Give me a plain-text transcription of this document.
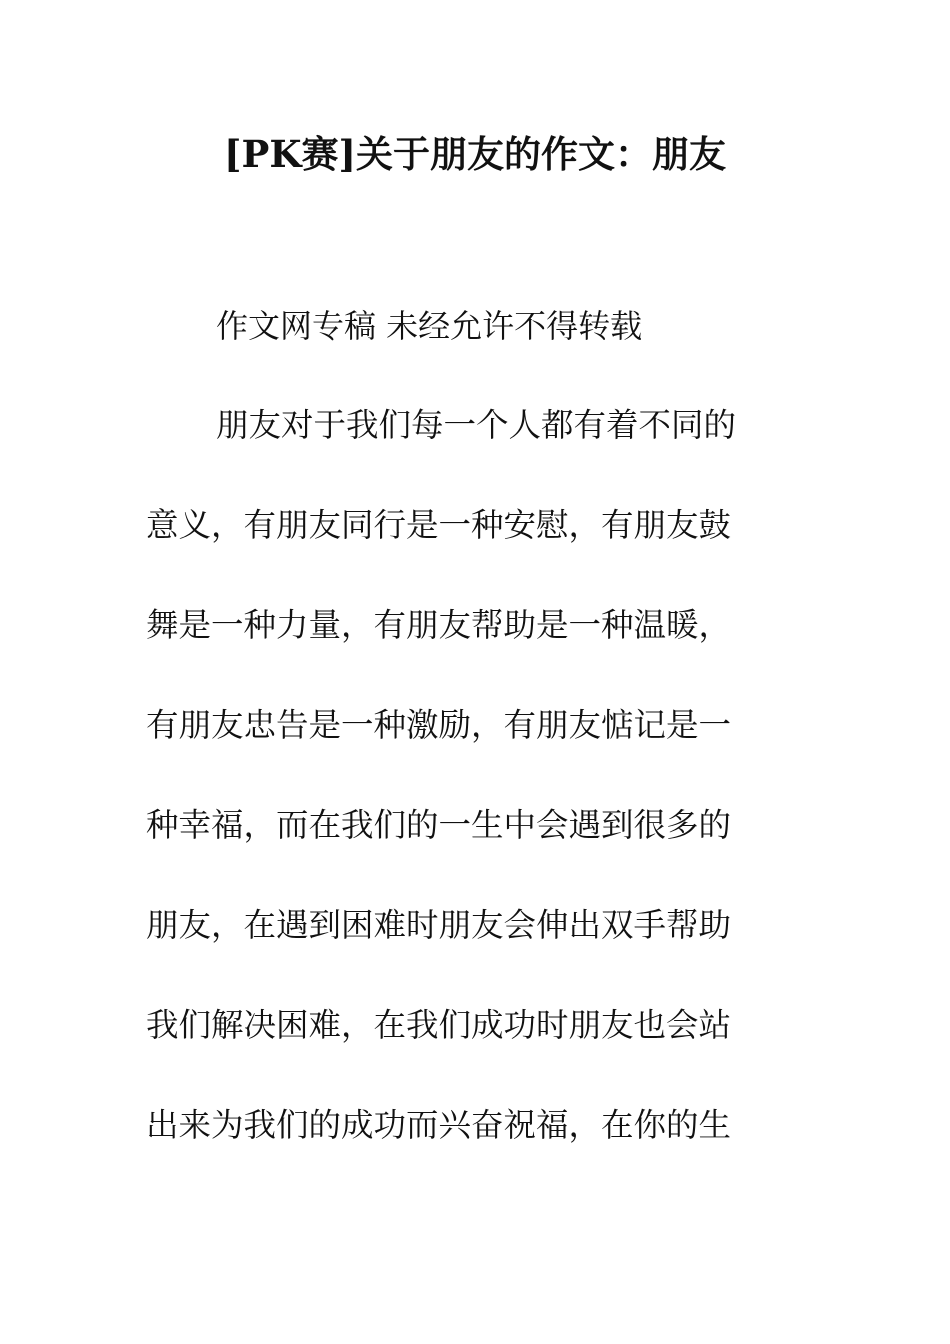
[PK赛]关于朋友的作文：朋友
作文网专稿 未经允许不得转载
朋友对于我们每一个人都有着不同的
意义，有朋友同行是一种安慰，有朋友鼓
舞是一种力量，有朋友帮助是一种温暖，
有朋友忠告是一种激励，有朋友惦记是一
种幸福，而在我们的一生中会遇到很多的
朋友，在遇到困难时朋友会伸出双手帮助
我们解决困难，在我们成功时朋友也会站
出来为我们的成功而兴奋祝福，在你的生
